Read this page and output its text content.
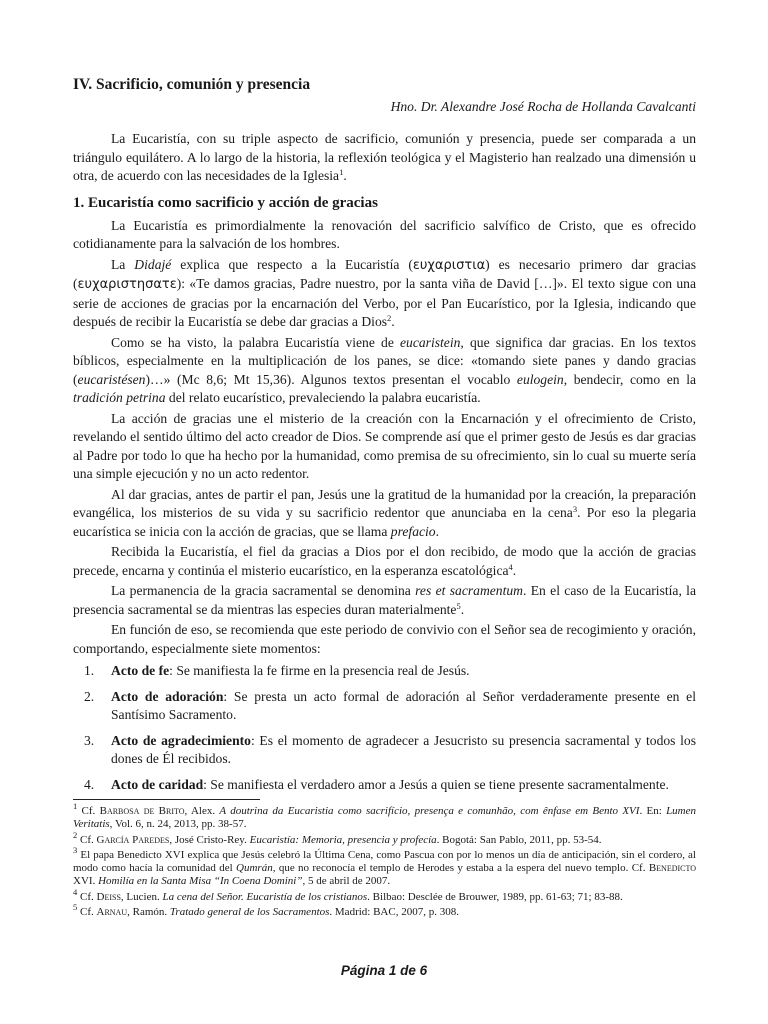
IV. Sacrificio, comunión y presencia
Hno. Dr. Alexandre José Rocha de Hollanda Cavalcanti

La Eucaristía, con su triple aspecto de sacrificio, comunión y presencia, puede ser comparada a un triángulo equilátero. A lo largo de la historia, la reflexión teológica y el Magisterio han realzado una dimensión u otra, de acuerdo con las necesidades de la Iglesia$^1$.

1. Eucaristía como sacrificio y acción de gracias

La Eucaristía es primordialmente la renovación del sacrificio salvífico de Cristo, que es ofrecido cotidianamente para la salvación de los hombres.

La Didajé explica que respecto a la Eucaristía (ευχαριστια) es necesario primero dar gracias (ευχαριστησατε): «Te damos gracias, Padre nuestro, por la santa viña de David […]». El texto sigue con una serie de acciones de gracias por la encarnación del Verbo, por el Pan Eucarístico, por la Iglesia, indicando que después de recibir la Eucaristía se debe dar gracias a Dios$^2$.

Como se ha visto, la palabra Eucaristía viene de eucaristein, que significa dar gracias. En los textos bíblicos, especialmente en la multiplicación de los panes, se dice: «tomando siete panes y dando gracias (eucaristésen)…» (Mc 8,6; Mt 15,36). Algunos textos presentan el vocablo eulogein, bendecir, como en la tradición petrina del relato eucarístico, prevaleciendo la palabra eucaristía.

La acción de gracias une el misterio de la creación con la Encarnación y el ofrecimiento de Cristo, revelando el sentido último del acto creador de Dios. Se comprende así que el primer gesto de Jesús es dar gracias al Padre por todo lo que ha hecho por la humanidad, como premisa de su ofrecimiento, sin lo cual su muerte sería una simple ejecución y no un acto redentor.

Al dar gracias, antes de partir el pan, Jesús une la gratitud de la humanidad por la creación, la preparación evangélica, los misterios de su vida y su sacrificio redentor que anunciaba en la cena$^3$. Por eso la plegaria eucarística se inicia con la acción de gracias, que se llama prefacio.

Recibida la Eucaristía, el fiel da gracias a Dios por el don recibido, de modo que la acción de gracias precede, encarna y continúa el misterio eucarístico, en la esperanza escatológica$^4$.

La permanencia de la gracia sacramental se denomina res et sacramentum. En el caso de la Eucaristía, la presencia sacramental se da mientras las especies duran materialmente$^5$.

En función de eso, se recomienda que este periodo de convivio con el Señor sea de recogimiento y oración, comportando, especialmente siete momentos:

1. Acto de fe: Se manifiesta la fe firme en la presencia real de Jesús.
2. Acto de adoración: Se presta un acto formal de adoración al Señor verdaderamente presente en el Santísimo Sacramento.
3. Acto de agradecimiento: Es el momento de agradecer a Jesucristo su presencia sacramental y todos los dones de Él recibidos.
4. Acto de caridad: Se manifiesta el verdadero amor a Jesús a quien se tiene presente sacramentalmente.
$^1$ Cf. Barbosa de Brito, Alex. A doutrina da Eucaristia como sacrifício, presença e comunhão, com ênfase em Bento XVI. En: Lumen Veritatis, Vol. 6, n. 24, 2013, pp. 38-57.
$^2$ Cf. García Paredes, José Cristo-Rey. Eucaristía: Memoria, presencia y profecía. Bogotá: San Pablo, 2011, pp. 53-54.
$^3$ El papa Benedicto XVI explica que Jesús celebró la Última Cena, como Pascua con por lo menos un día de anticipación, sin el cordero, al modo como hacía la comunidad del Qumrán, que no reconocía el templo de Herodes y estaba a la espera del nuevo templo. Cf. Benedicto XVI. Homilía en la Santa Misa “In Coena Domini”, 5 de abril de 2007.
$^4$ Cf. Deiss, Lucien. La cena del Señor. Eucaristía de los cristianos. Bilbao: Desclée de Brouwer, 1989, pp. 61-63; 71; 83-88.
$^5$ Cf. Arnau, Ramón. Tratado general de los Sacramentos. Madrid: BAC, 2007, p. 308.
Página 1 de 6
